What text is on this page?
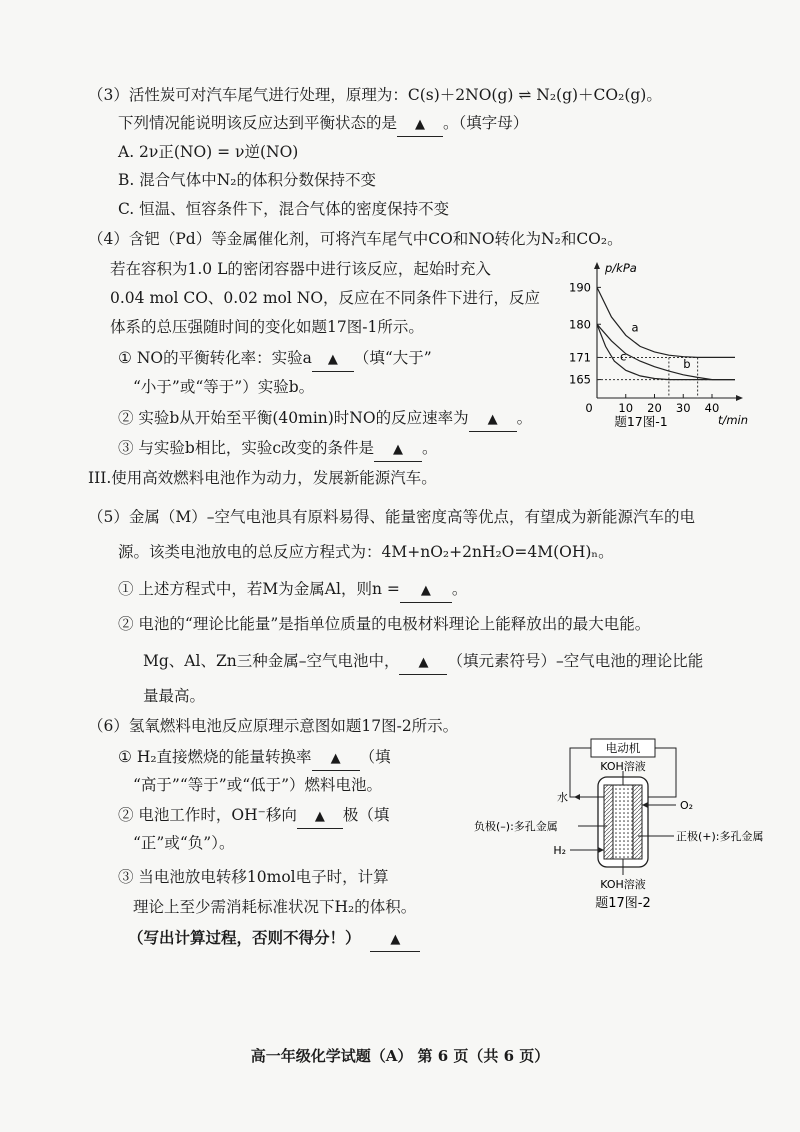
（3）活性炭可对汽车尾气进行处理，原理为：C(s)＋2NO(g) ⇌ N₂(g)＋CO₂(g)。
下列情况能说明该反应达到平衡状态的是 ▲ 。（填字母）
A. 2ν正(NO) = ν逆(NO)
B. 混合气体中N₂的体积分数保持不变
C. 恒温、恒容条件下，混合气体的密度保持不变
（4）含钯（Pd）等金属催化剂，可将汽车尾气中CO和NO转化为N₂和CO₂。
若在容积为1.0 L的密闭容器中进行该反应，起始时充入
0.04 mol CO、0.02 mol NO，反应在不同条件下进行，反应
体系的总压强随时间的变化如题17图-1所示。
① NO的平衡转化率：实验a ▲ （填“大于”
“小于”或“等于”）实验b。
② 实验b从开始至平衡(40min)时NO的反应速率为 ▲ 。
③ 与实验b相比，实验c改变的条件是 ▲ 。
190
180
171
165
0 10 20 30 40
p/kPa
t/min
a
b
c
题17图-1
III.使用高效燃料电池作为动力，发展新能源汽车。
（5）金属（M）–空气电池具有原料易得、能量密度高等优点，有望成为新能源汽车的电
源。该类电池放电的总反应方程式为：4M+nO₂+2nH₂O=4M(OH)ₙ。
① 上述方程式中，若M为金属Al，则n = ▲ 。
② 电池的“理论比能量”是指单位质量的电极材料理论上能释放出的最大电能。
Mg、Al、Zn三种金属–空气电池中， ▲ （填元素符号）–空气电池的理论比能
量最高。
（6）氢氧燃料电池反应原理示意图如题17图-2所示。
① H₂直接燃烧的能量转换率 ▲ （填
“高于”“等于”或“低于”）燃料电池。
② 电池工作时，OH⁻移向 ▲ 极（填
“正”或“负”）。
③ 当电池放电转移10mol电子时，计算
理论上至少需消耗标准状况下H₂的体积。
（写出计算过程，否则不得分！） ▲
电动机
KOH溶液
KOH溶液
水
H₂
O₂
负极(–):多孔金属
正极(+):多孔金属
题17图-2
高一年级化学试题（A） 第 6 页（共 6 页）
